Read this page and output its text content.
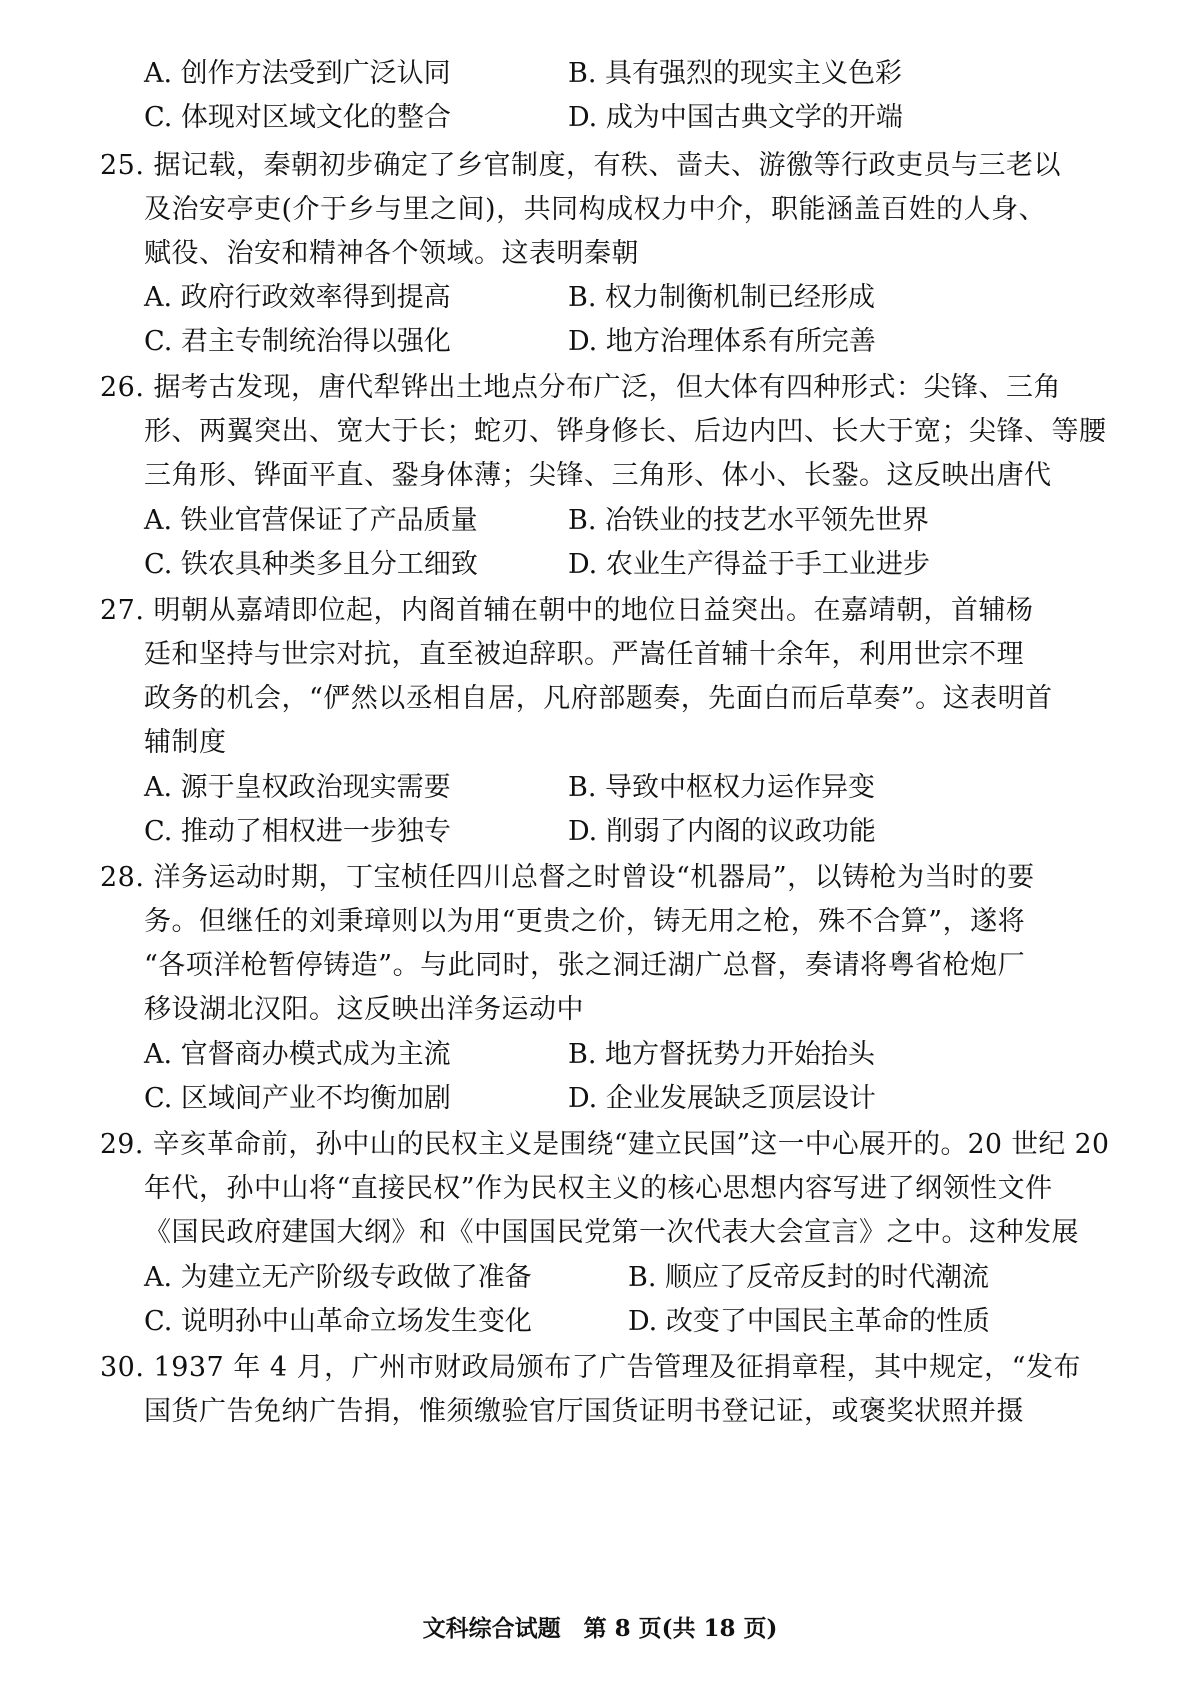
A. 创作方法受到广泛认同	B. 具有强烈的现实主义色彩
C. 体现对区域文化的整合	D. 成为中国古典文学的开端
25. 据记载，秦朝初步确定了乡官制度，有秩、啬夫、游徼等行政吏员与三老以
及治安亭吏(介于乡与里之间)，共同构成权力中介，职能涵盖百姓的人身、
赋役、治安和精神各个领域。这表明秦朝
A. 政府行政效率得到提高	B. 权力制衡机制已经形成
C. 君主专制统治得以强化	D. 地方治理体系有所完善
26. 据考古发现，唐代犁铧出土地点分布广泛，但大体有四种形式：尖锋、三角
形、两翼突出、宽大于长；蛇刃、铧身修长、后边内凹、长大于宽；尖锋、等腰
三角形、铧面平直、銎身体薄；尖锋、三角形、体小、长銎。这反映出唐代
A. 铁业官营保证了产品质量	B. 冶铁业的技艺水平领先世界
C. 铁农具种类多且分工细致	D. 农业生产得益于手工业进步
27. 明朝从嘉靖即位起，内阁首辅在朝中的地位日益突出。在嘉靖朝，首辅杨
廷和坚持与世宗对抗，直至被迫辞职。严嵩任首辅十余年，利用世宗不理
政务的机会，“俨然以丞相自居，凡府部题奏，先面白而后草奏”。这表明首
辅制度
A. 源于皇权政治现实需要	B. 导致中枢权力运作异变
C. 推动了相权进一步独专	D. 削弱了内阁的议政功能
28. 洋务运动时期，丁宝桢任四川总督之时曾设“机器局”，以铸枪为当时的要
务。但继任的刘秉璋则以为用“更贵之价，铸无用之枪，殊不合算”，遂将
“各项洋枪暂停铸造”。与此同时，张之洞迁湖广总督，奏请将粤省枪炮厂
移设湖北汉阳。这反映出洋务运动中
A. 官督商办模式成为主流	B. 地方督抚势力开始抬头
C. 区域间产业不均衡加剧	D. 企业发展缺乏顶层设计
29. 辛亥革命前，孙中山的民权主义是围绕“建立民国”这一中心展开的。20 世纪 20
年代，孙中山将“直接民权”作为民权主义的核心思想内容写进了纲领性文件
《国民政府建国大纲》和《中国国民党第一次代表大会宣言》之中。这种发展
A. 为建立无产阶级专政做了准备	B. 顺应了反帝反封的时代潮流
C. 说明孙中山革命立场发生变化	D. 改变了中国民主革命的性质
30. 1937 年 4 月，广州市财政局颁布了广告管理及征捐章程，其中规定，“发布
国货广告免纳广告捐，惟须缴验官厅国货证明书登记证，或褒奖状照并摄
文科综合试题　第 8 页(共 18 页)
